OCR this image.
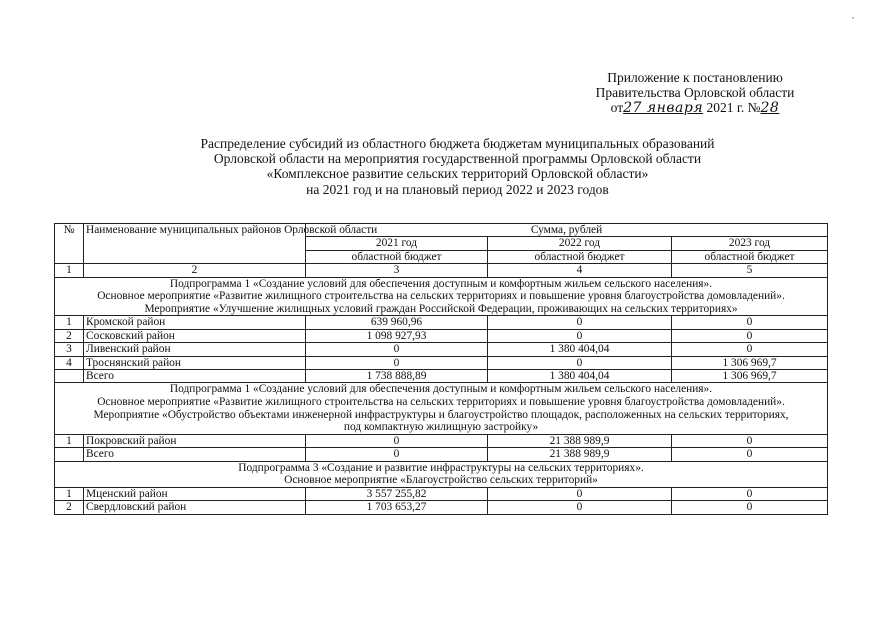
•
Приложение к постановлению
Правительства Орловской области
от27 января 2021 г. №28
Распределение субсидий из областного бюджета бюджетам муниципальных образований
Орловской области на мероприятия государственной программы Орловской области
«Комплексное развитие сельских территорий Орловской области»
на 2021 год и на плановый период 2022 и 2023 годов
№	Наименование муниципальных районов Орловской области	Сумма, рублей		
		2021 год	2022 год	2023 год
		областной бюджет	областной бюджет	областной бюджет
1	2	3	4	5

Подпрограмма 1 «Создание условий для обеспечения доступным и комфортным жильем сельского населения».
Основное мероприятие «Развитие жилищного строительства на сельских территориях и повышение уровня благоустройства домовладений».
Мероприятие «Улучшение жилищных условий граждан Российской Федерации, проживающих на сельских территориях»				

1	Кромской район	639 960,96	0	0
2	Сосковский район	1 098 927,93	0	0
3	Ливенский район	0	1 380 404,04	0
4	Троснянский район	0	0	1 306 969,7
	Всего	1 738 888,89	1 380 404,04	1 306 969,7

Подпрограмма 1 «Создание условий для обеспечения доступным и комфортным жильем сельского населения».
Основное мероприятие «Развитие жилищного строительства на сельских территориях и повышение уровня благоустройства домовладений».
Мероприятие «Обустройство объектами инженерной инфраструктуры и благоустройство площадок, расположенных на сельских территориях,
под компактную жилищную застройку»				

1	Покровский район	0	21 388 989,9	0
	Всего	0	21 388 989,9	0

Подпрограмма 3 «Создание и развитие инфраструктуры на сельских территориях».
Основное мероприятие «Благоустройство сельских территорий»				

1	Мценский район	3 557 255,82	0	0
2	Свердловский район	1 703 653,27	0	0
